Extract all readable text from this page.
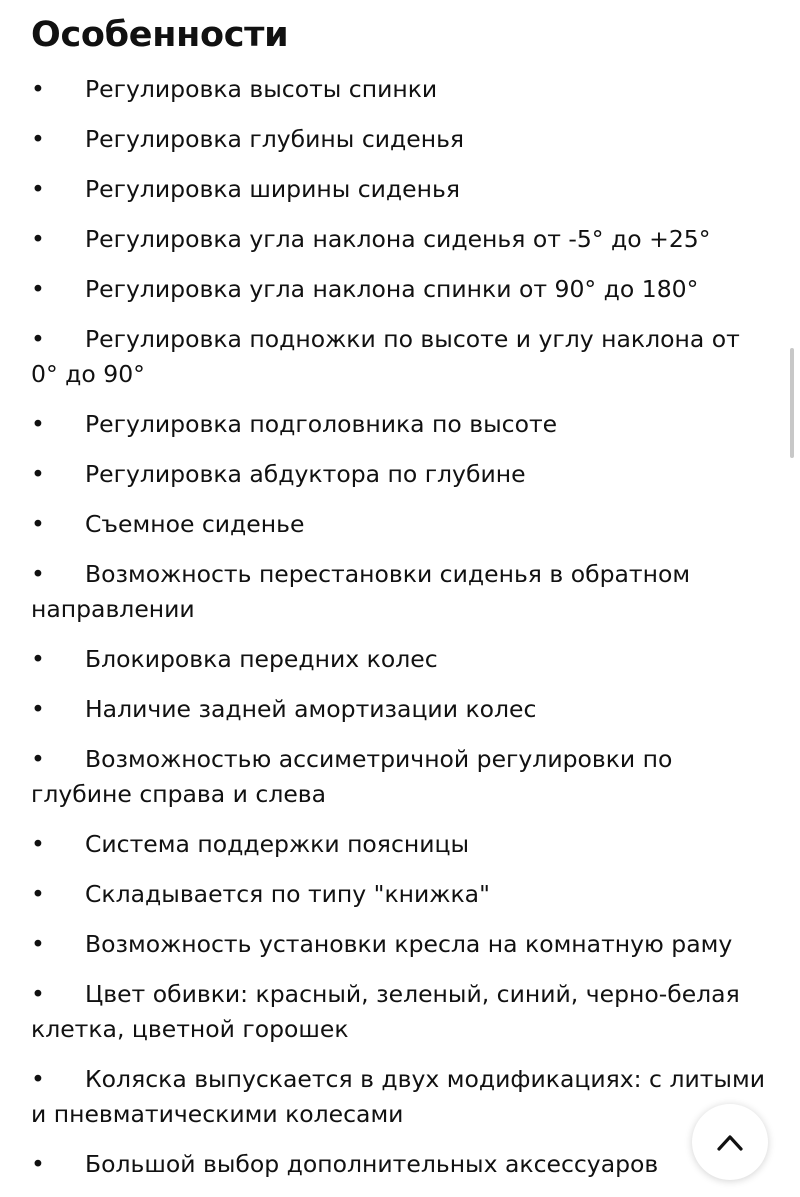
Особенности
• Регулировка высоты спинки
• Регулировка глубины сиденья
• Регулировка ширины сиденья
• Регулировка угла наклона сиденья от -5° до +25°
• Регулировка угла наклона спинки от 90° до 180°
• Регулировка подножки по высоте и углу наклона от 0° до 90°
• Регулировка подголовника по высоте
• Регулировка абдуктора по глубине
• Съемное сиденье
• Возможность перестановки сиденья в обратном направлении
• Блокировка передних колес
• Наличие задней амортизации колес
• Возможностью ассиметричной регулировки по глубине справа и слева
• Система поддержки поясницы
• Складывается по типу "книжка"
• Возможность установки кресла на комнатную раму
• Цвет обивки: красный, зеленый, синий, черно-белая клетка, цветной горошек
• Коляска выпускается в двух модификациях: с литыми и пневматическими колесами
• Большой выбор дополнительных аксессуаров
